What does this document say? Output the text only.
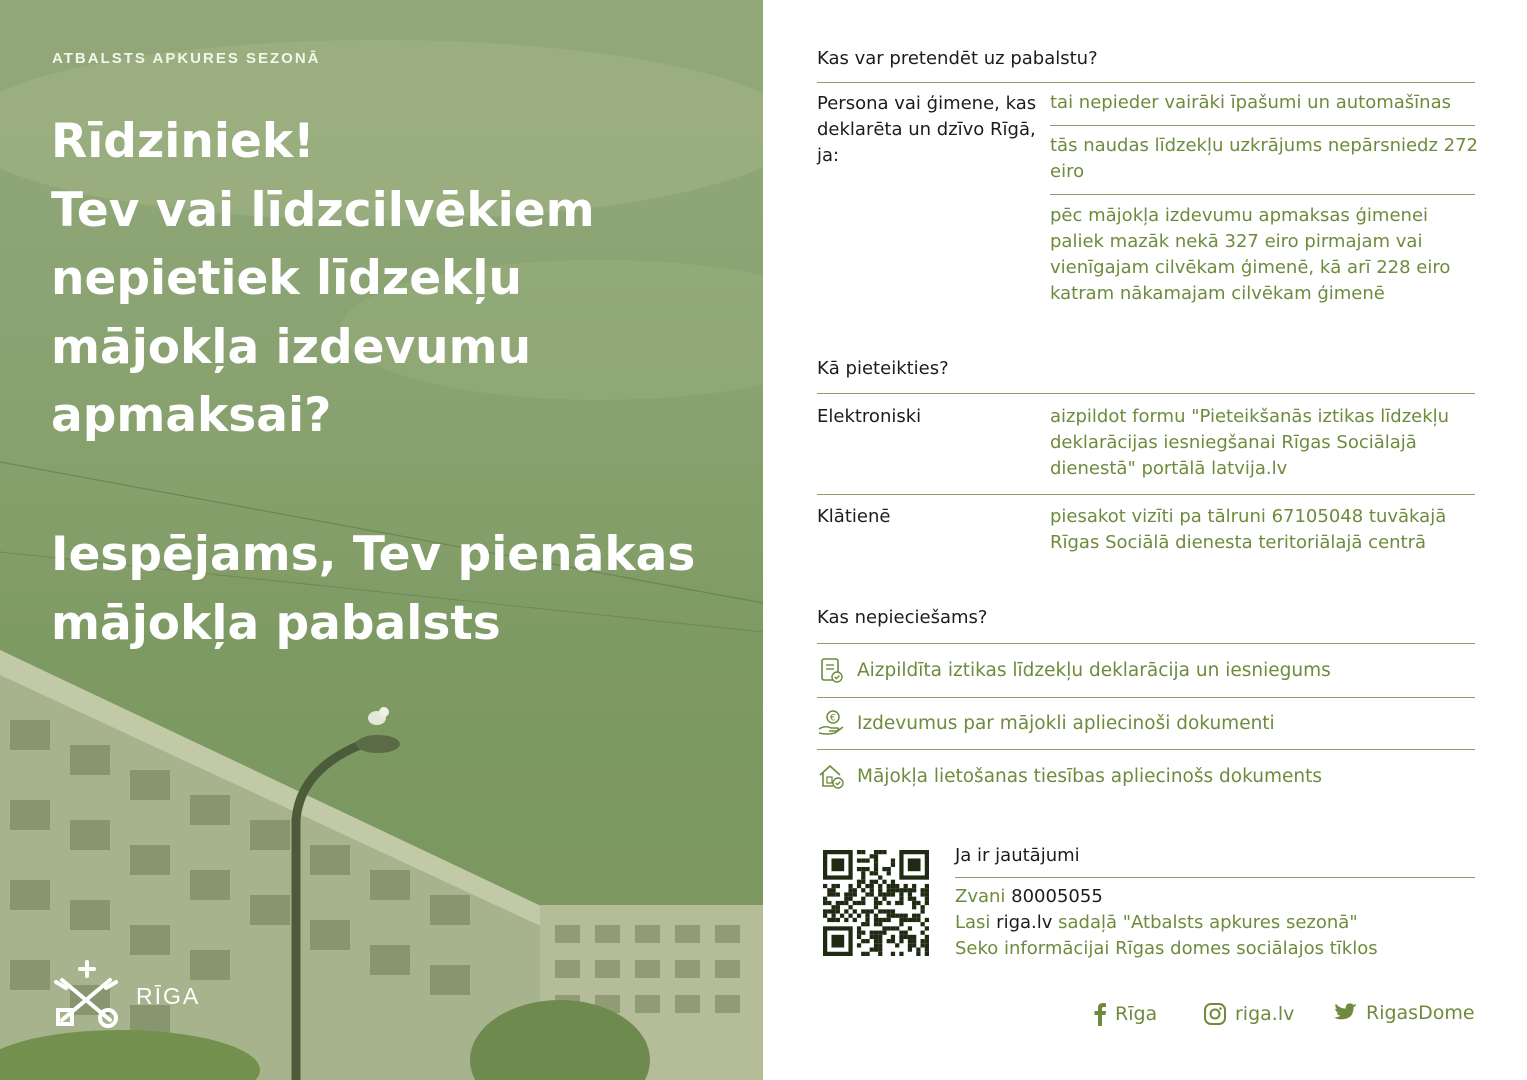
ATBALSTS APKURES SEZONĀ
Rīdziniek!
Tev vai līdzcilvēkiem
nepietiek līdzekļu
mājokļa izdevumu
apmaksai?
Iespējams, Tev pienākas
mājokļa pabalsts
RĪGA
Kas var pretendēt uz pabalstu?
Persona vai ģimene, kas deklarēta un dzīvo Rīgā, ja:
tai nepieder vairāki īpašumi un automašīnas
tās naudas līdzekļu uzkrājums nepārsniedz 272 eiro
pēc mājokļa izdevumu apmaksas ģimenei paliek mazāk nekā 327 eiro pirmajam vai vienīgajam cilvēkam ģimenē, kā arī 228 eiro katram nākamajam cilvēkam ģimenē
Kā pieteikties?
Elektroniski	aizpildot formu "Pieteikšanās iztikas līdzekļu deklarācijas iesniegšanai Rīgas Sociālajā dienestā" portālā latvija.lv
Klātienē	piesakot vizīti pa tālruni 67105048 tuvākajā Rīgas Sociālā dienesta teritoriālajā centrā
Kas nepieciešams?
Aizpildīta iztikas līdzekļu deklarācija un iesniegums
€ Izdevumus par mājokli apliecinoši dokumenti
Mājokļa lietošanas tiesības apliecinošs dokuments
Ja ir jautājumi
Zvani 80005055
Lasi riga.lv sadaļā "Atbalsts apkures sezonā"
Seko informācijai Rīgas domes sociālajos tīklos
Rīga	riga.lv	RigasDome
